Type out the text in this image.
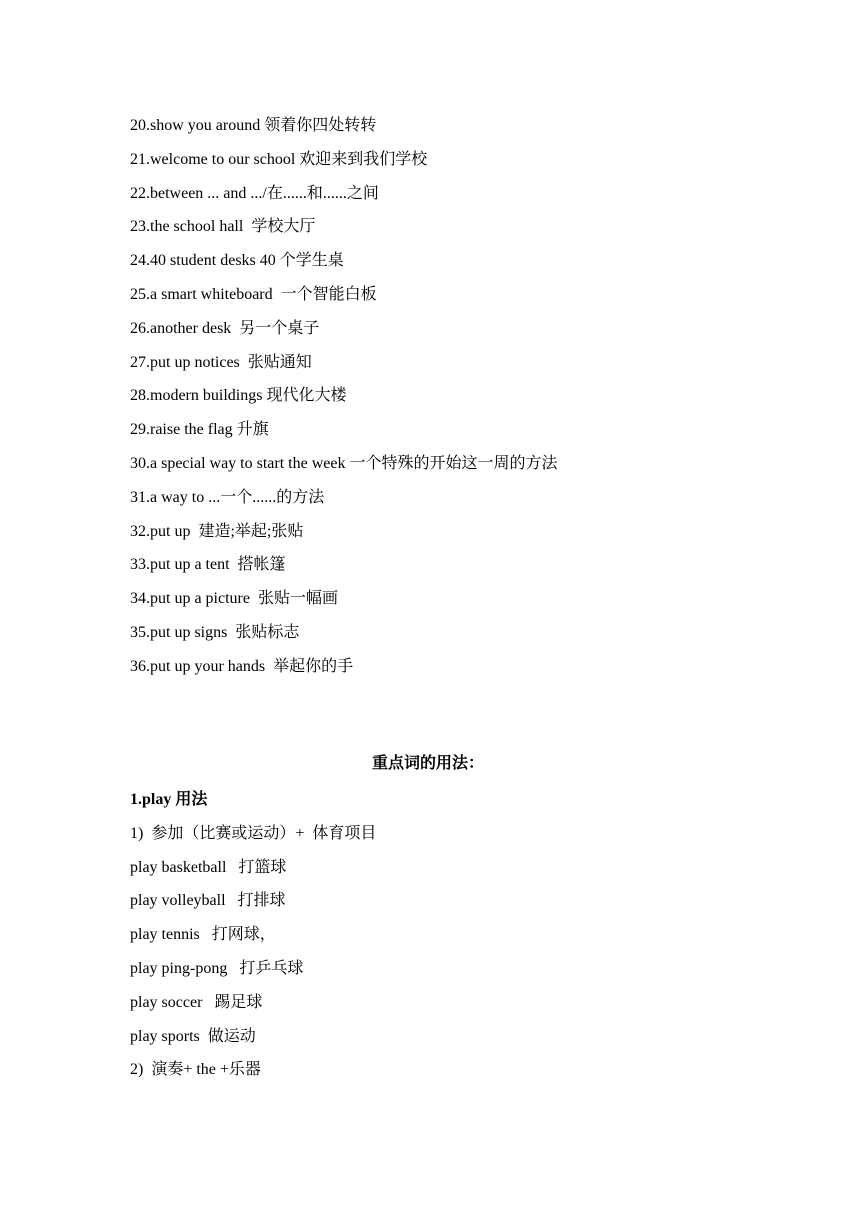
20.show you around 领着你四处转转
21.welcome to our school 欢迎来到我们学校
22.between ... and .../在......和......之间
23.the school hall  学校大厅
24.40 student desks 40 个学生桌
25.a smart whiteboard  一个智能白板
26.another desk  另一个桌子
27.put up notices  张贴通知
28.modern buildings 现代化大楼
29.raise the flag 升旗
30.a special way to start the week 一个特殊的开始这一周的方法
31.a way to ...一个......的方法
32.put up  建造;举起;张贴
33.put up a tent  搭帐篷
34.put up a picture  张贴一幅画
35.put up signs  张贴标志
36.put up your hands  举起你的手
重点词的用法：
1.play 用法
1)  参加（比赛或运动）+  体育项目
play basketball   打篮球
play volleyball   打排球
play tennis   打网球，
play ping-pong   打乒乓球
play soccer   踢足球
play sports  做运动
2)  演奏+ the +乐器
